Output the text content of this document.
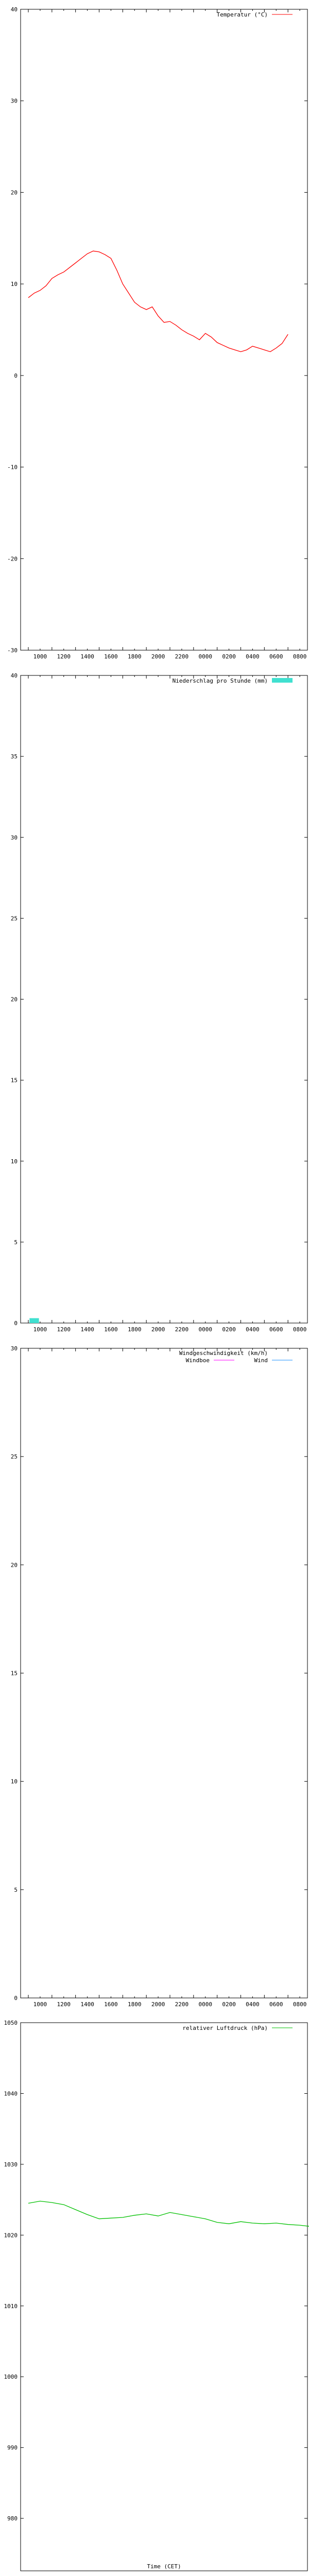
-30
-20
-10
0
10
20
30
40
1000 1200 1400 1600 1800 2000 2200 0000 0200 0400 0600 0800
Temperatur (°C)
0
5
10
15
20
25
30
35
40
1000 1200 1400 1600 1800 2000 2200 0000 0200 0400 0600 0800
Niederschlag pro Stunde (mm)
0
5
10
15
20
25
30
1000 1200 1400 1600 1800 2000 2200 0000 0200 0400 0600 0800
Windgeschwindigkeit (km/h)
Windboe	Wind
980
990
1000
1010
1020
1030
1040
1050
relativer Luftdruck (hPa)
Time (CET)
